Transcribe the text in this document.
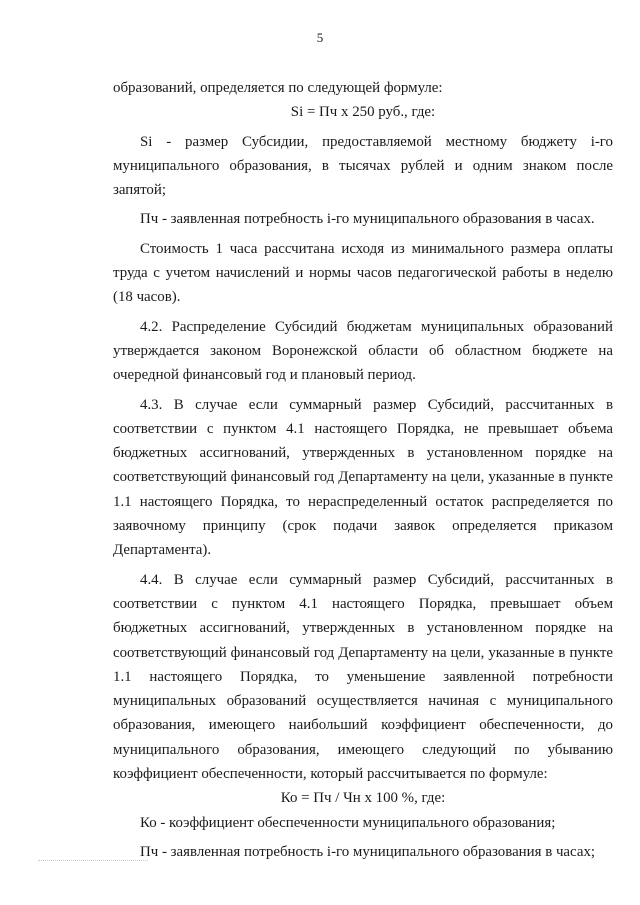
5

образований, определяется по следующей формуле:

Si = Пч x 250 руб., где:

Si - размер Субсидии, предоставляемой местному бюджету i-го муниципального образования, в тысячах рублей и одним знаком после запятой;

Пч - заявленная потребность i-го муниципального образования в часах.

Стоимость 1 часа рассчитана исходя из минимального размера оплаты труда с учетом начислений и нормы часов педагогической работы в неделю (18 часов).

4.2. Распределение Субсидий бюджетам муниципальных образований утверждается законом Воронежской области об областном бюджете на очередной финансовый год и плановый период.

4.3. В случае если суммарный размер Субсидий, рассчитанных в соответствии с пунктом 4.1 настоящего Порядка, не превышает объема бюджетных ассигнований, утвержденных в установленном порядке на соответствующий финансовый год Департаменту на цели, указанные в пункте 1.1 настоящего Порядка, то нераспределенный остаток распределяется по заявочному принципу (срок подачи заявок определяется приказом Департамента).

4.4. В случае если суммарный размер Субсидий, рассчитанных в соответствии с пунктом 4.1 настоящего Порядка, превышает объем бюджетных ассигнований, утвержденных в установленном порядке на соответствующий финансовый год Департаменту на цели, указанные в пункте 1.1 настоящего Порядка, то уменьшение заявленной потребности муниципальных образований осуществляется начиная с муниципального образования, имеющего наибольший коэффициент обеспеченности, до муниципального образования, имеющего следующий по убыванию коэффициент обеспеченности, который рассчитывается по формуле:

Ко = Пч / Чн x 100 %, где:

Ко - коэффициент обеспеченности муниципального образования;

Пч - заявленная потребность i-го муниципального образования в часах;
